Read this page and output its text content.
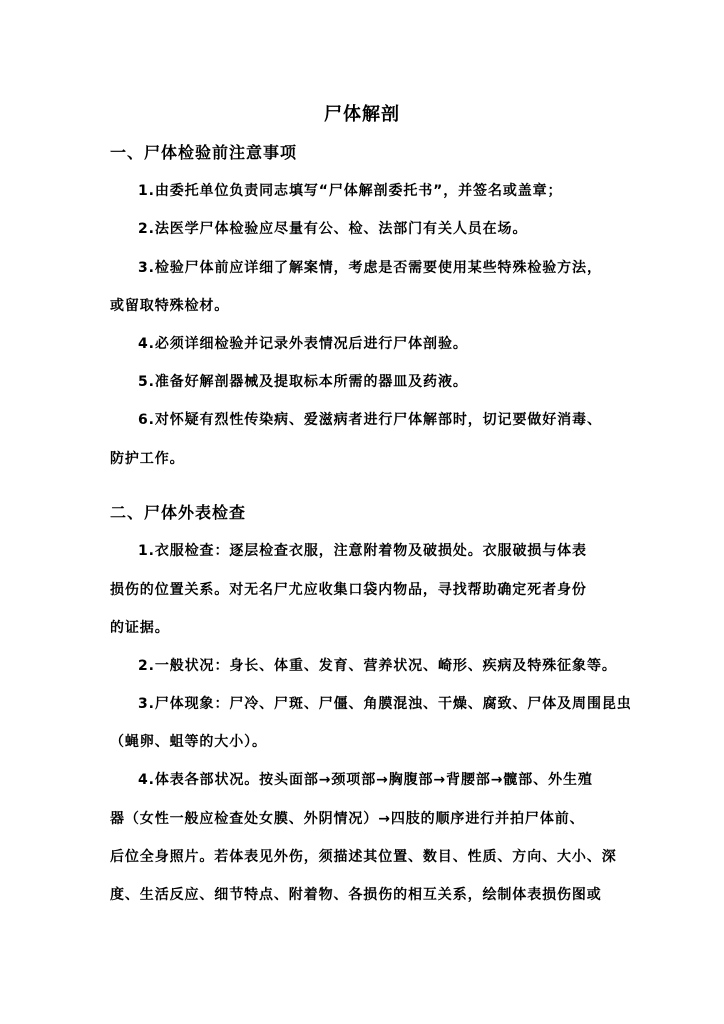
尸体解剖
一、尸体检验前注意事项
1.由委托单位负责同志填写“尸体解剖委托书”，并签名或盖章；
2.法医学尸体检验应尽量有公、检、法部门有关人员在场。
3.检验尸体前应详细了解案情，考虑是否需要使用某些特殊检验方法，
或留取特殊检材。
4.必须详细检验并记录外表情况后进行尸体剖验。
5.准备好解剖器械及提取标本所需的器皿及药液。
6.对怀疑有烈性传染病、爱滋病者进行尸体解部时，切记要做好消毒、
防护工作。
二、尸体外表检查
1.衣服检查：逐层检查衣服，注意附着物及破损处。衣服破损与体表
损伤的位置关系。对无名尸尤应收集口袋内物品，寻找帮助确定死者身份
的证据。
2.一般状况：身长、体重、发育、营养状况、崎形、疾病及特殊征象等。
3.尸体现象：尸冷、尸斑、尸僵、角膜混浊、干燥、腐致、尸体及周围昆虫
（蝇卵、蛆等的大小）。
4.体表各部状况。按头面部→颈项部→胸腹部→背腰部→髋部、外生殖
器（女性一般应检查处女膜、外阴情况）→四肢的顺序进行并拍尸体前、
后位全身照片。若体表见外伤，须描述其位置、数目、性质、方向、大小、深
度、生活反应、细节特点、附着物、各损伤的相互关系，绘制体表损伤图或
